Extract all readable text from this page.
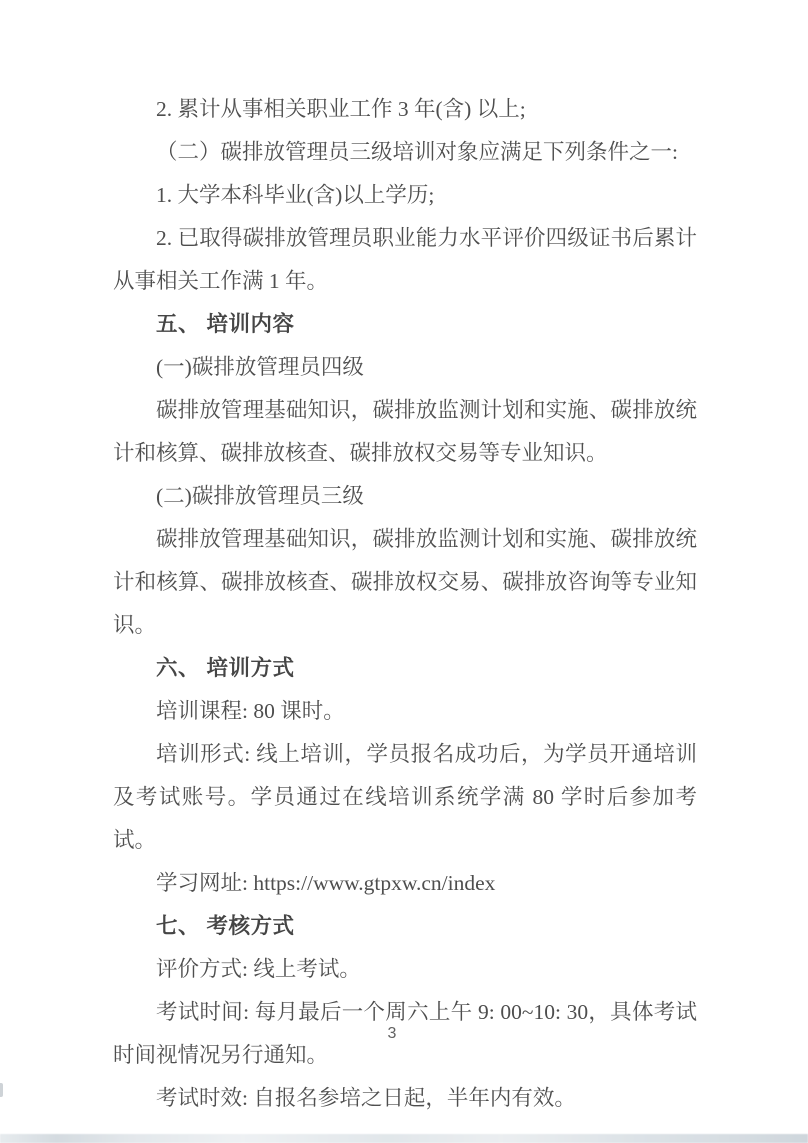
2. 累计从事相关职业工作 3 年(含) 以上;

（二）碳排放管理员三级培训对象应满足下列条件之一:

1. 大学本科毕业(含)以上学历;

2. 已取得碳排放管理员职业能力水平评价四级证书后累计从事相关工作满 1 年。

五、 培训内容

(一)碳排放管理员四级

碳排放管理基础知识，碳排放监测计划和实施、碳排放统计和核算、碳排放核查、碳排放权交易等专业知识。

(二)碳排放管理员三级

碳排放管理基础知识，碳排放监测计划和实施、碳排放统计和核算、碳排放核查、碳排放权交易、碳排放咨询等专业知识。

六、 培训方式

培训课程: 80 课时。

培训形式: 线上培训，学员报名成功后，为学员开通培训及考试账号。学员通过在线培训系统学满 80 学时后参加考试。

学习网址: https://www.gtpxw.cn/index

七、 考核方式

评价方式: 线上考试。

考试时间: 每月最后一个周六上午 9: 00~10: 30，具体考试时间视情况另行通知。

考试时效: 自报名参培之日起，半年内有效。

3
